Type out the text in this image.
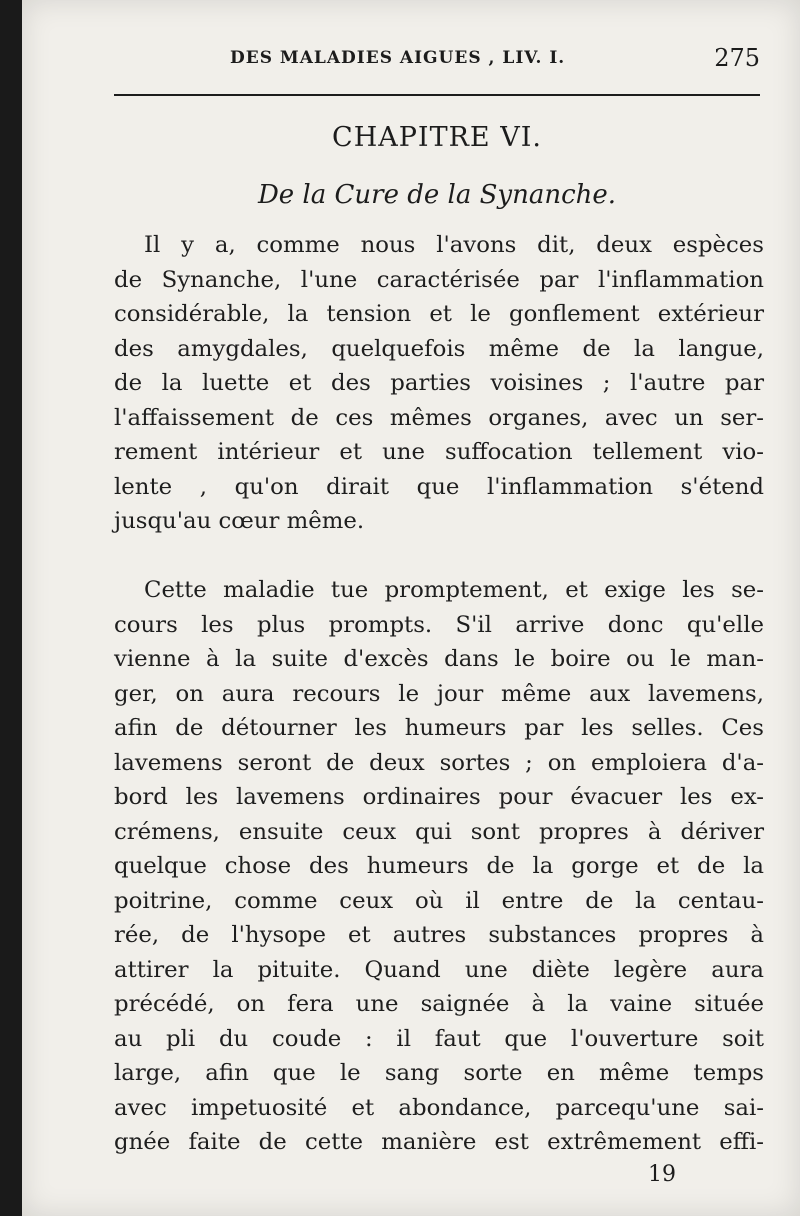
DES MALADIES AIGUES , LIV. I.	275
CHAPITRE VI.
De la Cure de la Synanche.
Il y a, comme nous l'avons dit, deux espèces
de Synanche, l'une caractérisée par l'inflammation
considérable, la tension et le gonflement extérieur
des amygdales, quelquefois même de la langue,
de la luette et des parties voisines ; l'autre par
l'affaissement de ces mêmes organes, avec un ser-
rement intérieur et une suffocation tellement vio-
lente , qu'on dirait que l'inflammation s'étend
jusqu'au cœur même.
Cette maladie tue promptement, et exige les se-
cours les plus prompts. S'il arrive donc qu'elle
vienne à la suite d'excès dans le boire ou le man-
ger, on aura recours le jour même aux lavemens,
afin de détourner les humeurs par les selles. Ces
lavemens seront de deux sortes ; on emploiera d'a-
bord les lavemens ordinaires pour évacuer les ex-
crémens, ensuite ceux qui sont propres à dériver
quelque chose des humeurs de la gorge et de la
poitrine, comme ceux où il entre de la centau-
rée, de l'hysope et autres substances propres à
attirer la pituite. Quand une diète legère aura
précédé, on fera une saignée à la vaine située
au pli du coude : il faut que l'ouverture soit
large, afin que le sang sorte en même temps
avec impetuosité et abondance, parcequ'une sai-
gnée faite de cette manière est extrêmement effi-
19
